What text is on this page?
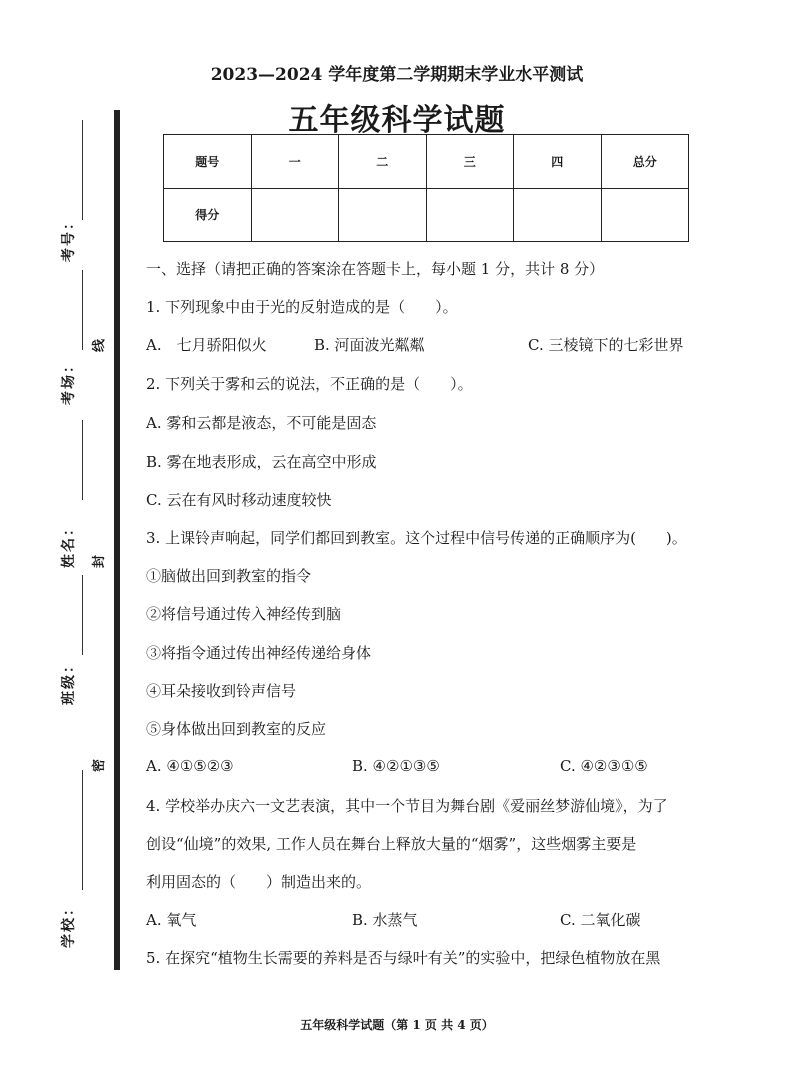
考号：
考场：
姓名：
班级：
学校：
线
封
密
2023—2024 学年度第二学期期末学业水平测试
五年级科学试题
题号	一	二	三	四	总分
得分					
一、选择（请把正确的答案涂在答题卡上，每小题 1 分，共计 8 分）
1. 下列现象中由于光的反射造成的是（　　）。
A.　七月骄阳似火	B. 河面波光粼粼	C. 三棱镜下的七彩世界
2. 下列关于雾和云的说法，不正确的是（　　）。
A. 雾和云都是液态，不可能是固态
B. 雾在地表形成，云在高空中形成
C. 云在有风时移动速度较快
3. 上课铃声响起，同学们都回到教室。这个过程中信号传递的正确顺序为(　　)。
①脑做出回到教室的指令
②将信号通过传入神经传到脑
③将指令通过传出神经传递给身体
④耳朵接收到铃声信号
⑤身体做出回到教室的反应
A. ④①⑤②③	B. ④②①③⑤	C. ④②③①⑤
4. 学校举办庆六一文艺表演，其中一个节目为舞台剧《爱丽丝梦游仙境》，为了
创设“仙境”的效果, 工作人员在舞台上释放大量的“烟雾”，这些烟雾主要是
利用固态的（　　）制造出来的。
A. 氧气	B. 水蒸气	C. 二氧化碳
5. 在探究“植物生长需要的养料是否与绿叶有关”的实验中，把绿色植物放在黑
五年级科学试题（第 1 页 共 4 页）
